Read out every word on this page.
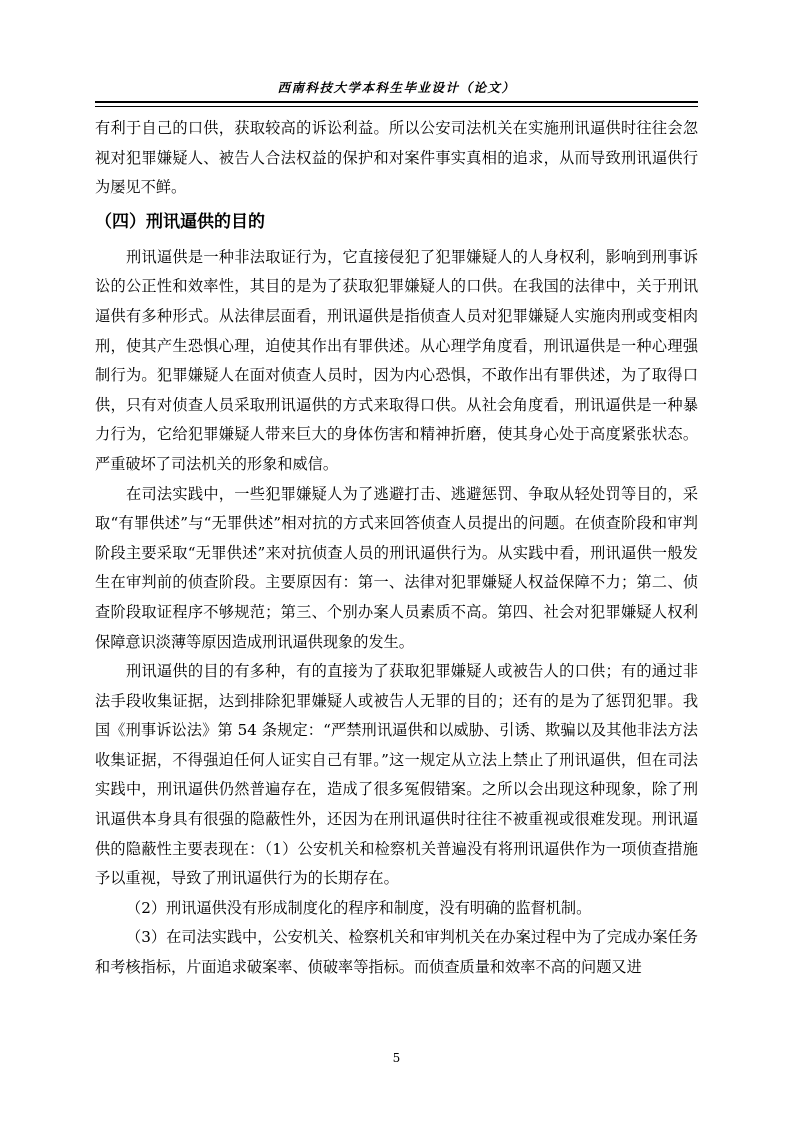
西南科技大学本科生毕业设计（论文）

有利于自己的口供，获取较高的诉讼利益。所以公安司法机关在实施刑讯逼供时往往会忽视对犯罪嫌疑人、被告人合法权益的保护和对案件事实真相的追求，从而导致刑讯逼供行为屡见不鲜。

（四）刑讯逼供的目的

刑讯逼供是一种非法取证行为，它直接侵犯了犯罪嫌疑人的人身权利，影响到刑事诉讼的公正性和效率性，其目的是为了获取犯罪嫌疑人的口供。在我国的法律中，关于刑讯逼供有多种形式。从法律层面看，刑讯逼供是指侦查人员对犯罪嫌疑人实施肉刑或变相肉刑，使其产生恐惧心理，迫使其作出有罪供述。从心理学角度看，刑讯逼供是一种心理强制行为。犯罪嫌疑人在面对侦查人员时，因为内心恐惧，不敢作出有罪供述，为了取得口供，只有对侦查人员采取刑讯逼供的方式来取得口供。从社会角度看，刑讯逼供是一种暴力行为，它给犯罪嫌疑人带来巨大的身体伤害和精神折磨，使其身心处于高度紧张状态。严重破坏了司法机关的形象和威信。

在司法实践中，一些犯罪嫌疑人为了逃避打击、逃避惩罚、争取从轻处罚等目的，采取“有罪供述”与“无罪供述”相对抗的方式来回答侦查人员提出的问题。在侦查阶段和审判阶段主要采取“无罪供述”来对抗侦查人员的刑讯逼供行为。从实践中看，刑讯逼供一般发生在审判前的侦查阶段。主要原因有：第一、法律对犯罪嫌疑人权益保障不力；第二、侦查阶段取证程序不够规范；第三、个别办案人员素质不高。第四、社会对犯罪嫌疑人权利保障意识淡薄等原因造成刑讯逼供现象的发生。

刑讯逼供的目的有多种，有的直接为了获取犯罪嫌疑人或被告人的口供；有的通过非法手段收集证据，达到排除犯罪嫌疑人或被告人无罪的目的；还有的是为了惩罚犯罪。我国《刑事诉讼法》第 54 条规定：“严禁刑讯逼供和以威胁、引诱、欺骗以及其他非法方法收集证据，不得强迫任何人证实自己有罪。”这一规定从立法上禁止了刑讯逼供，但在司法实践中，刑讯逼供仍然普遍存在，造成了很多冤假错案。之所以会出现这种现象，除了刑讯逼供本身具有很强的隐蔽性外，还因为在刑讯逼供时往往不被重视或很难发现。刑讯逼供的隐蔽性主要表现在：（1）公安机关和检察机关普遍没有将刑讯逼供作为一项侦查措施予以重视，导致了刑讯逼供行为的长期存在。

（2）刑讯逼供没有形成制度化的程序和制度，没有明确的监督机制。

（3）在司法实践中，公安机关、检察机关和审判机关在办案过程中为了完成办案任务和考核指标，片面追求破案率、侦破率等指标。而侦查质量和效率不高的问题又进

5
